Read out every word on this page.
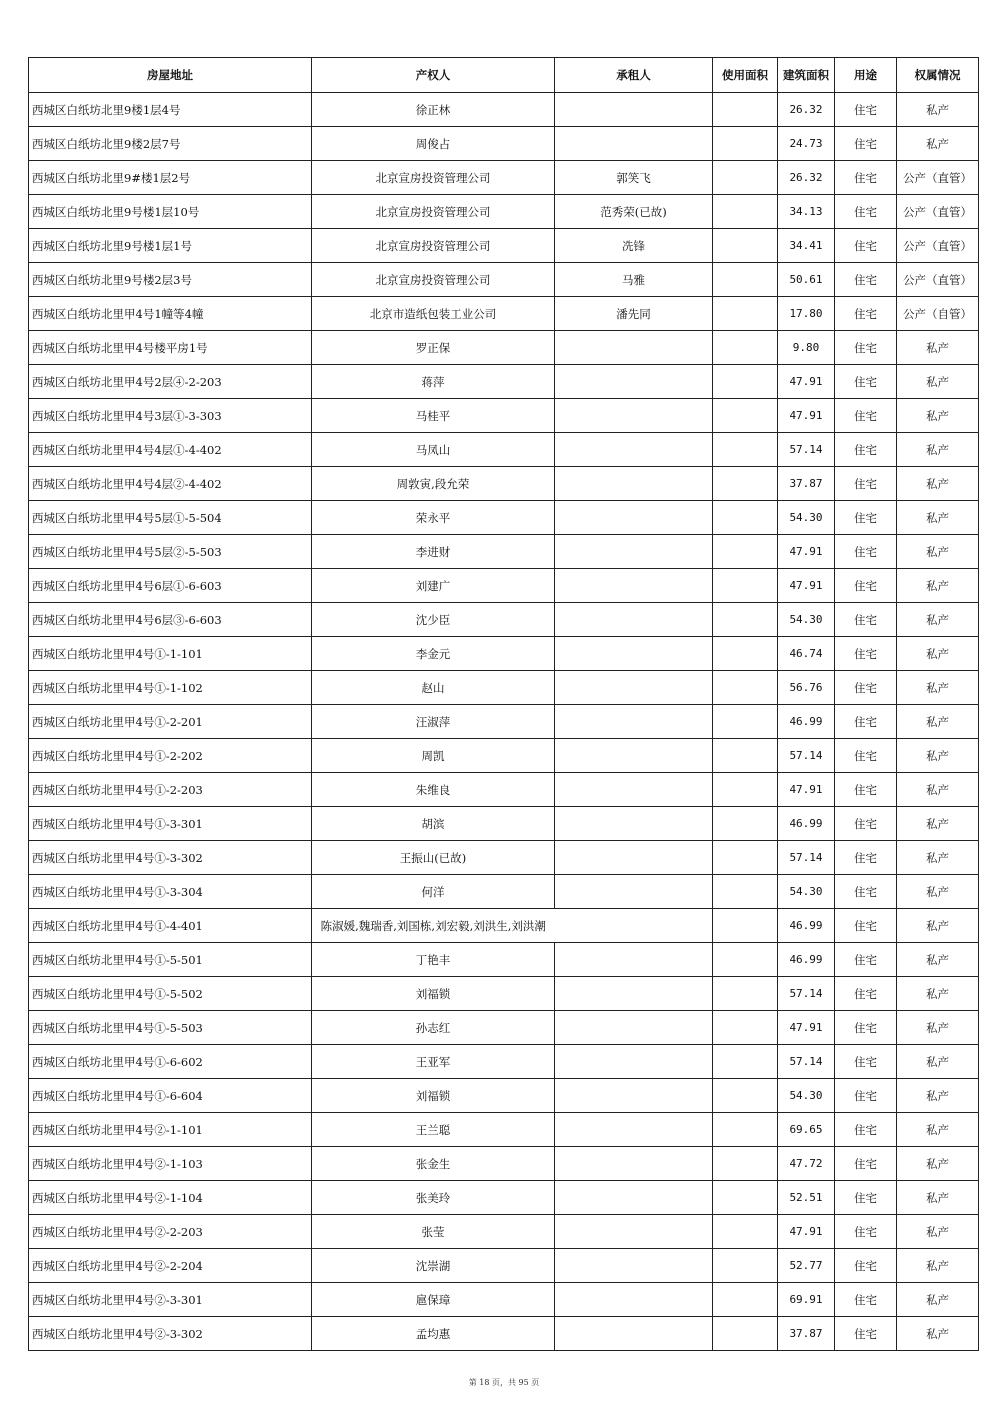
房屋地址	产权人	承租人	使用面积	建筑面积	用途	权属情况
西城区白纸坊北里9楼1层4号	徐正林			26.32	住宅	私产
西城区白纸坊北里9楼2层7号	周俊占			24.73	住宅	私产
西城区白纸坊北里9#楼1层2号	北京宣房投资管理公司	郭笑飞		26.32	住宅	公产（直管）
西城区白纸坊北里9号楼1层10号	北京宣房投资管理公司	范秀荣(已故)		34.13	住宅	公产（直管）
西城区白纸坊北里9号楼1层1号	北京宣房投资管理公司	冼锋		34.41	住宅	公产（直管）
西城区白纸坊北里9号楼2层3号	北京宣房投资管理公司	马雅		50.61	住宅	公产（直管）
西城区白纸坊北里甲4号1幢等4幢	北京市造纸包装工业公司	潘先同		17.80	住宅	公产（自管）
西城区白纸坊北里甲4号楼平房1号	罗正保			9.80	住宅	私产
西城区白纸坊北里甲4号2层④-2-203	蒋萍			47.91	住宅	私产
西城区白纸坊北里甲4号3层①-3-303	马桂平			47.91	住宅	私产
西城区白纸坊北里甲4号4层①-4-402	马凤山			57.14	住宅	私产
西城区白纸坊北里甲4号4层②-4-402	周敦寅,段允荣			37.87	住宅	私产
西城区白纸坊北里甲4号5层①-5-504	荣永平			54.30	住宅	私产
西城区白纸坊北里甲4号5层②-5-503	李进财			47.91	住宅	私产
西城区白纸坊北里甲4号6层①-6-603	刘建广			47.91	住宅	私产
西城区白纸坊北里甲4号6层③-6-603	沈少臣			54.30	住宅	私产
西城区白纸坊北里甲4号①-1-101	李金元			46.74	住宅	私产
西城区白纸坊北里甲4号①-1-102	赵山			56.76	住宅	私产
西城区白纸坊北里甲4号①-2-201	汪淑萍			46.99	住宅	私产
西城区白纸坊北里甲4号①-2-202	周凯			57.14	住宅	私产
西城区白纸坊北里甲4号①-2-203	朱维良			47.91	住宅	私产
西城区白纸坊北里甲4号①-3-301	胡滨			46.99	住宅	私产
西城区白纸坊北里甲4号①-3-302	王振山(已故)			57.14	住宅	私产
西城区白纸坊北里甲4号①-3-304	何洋			54.30	住宅	私产
西城区白纸坊北里甲4号①-4-401	陈淑媛,魏瑞香,刘国栋,刘宏毅,刘洪生,刘洪潮			46.99	住宅	私产
西城区白纸坊北里甲4号①-5-501	丁艳丰			46.99	住宅	私产
西城区白纸坊北里甲4号①-5-502	刘福锁			57.14	住宅	私产
西城区白纸坊北里甲4号①-5-503	孙志红			47.91	住宅	私产
西城区白纸坊北里甲4号①-6-602	王亚军			57.14	住宅	私产
西城区白纸坊北里甲4号①-6-604	刘福锁			54.30	住宅	私产
西城区白纸坊北里甲4号②-1-101	王兰聪			69.65	住宅	私产
西城区白纸坊北里甲4号②-1-103	张金生			47.72	住宅	私产
西城区白纸坊北里甲4号②-1-104	张美玲			52.51	住宅	私产
西城区白纸坊北里甲4号②-2-203	张莹			47.91	住宅	私产
西城区白纸坊北里甲4号②-2-204	沈崇湖			52.77	住宅	私产
西城区白纸坊北里甲4号②-3-301	扈保璋			69.91	住宅	私产
西城区白纸坊北里甲4号②-3-302	孟均惠			37.87	住宅	私产
第 18 页，共 95 页
